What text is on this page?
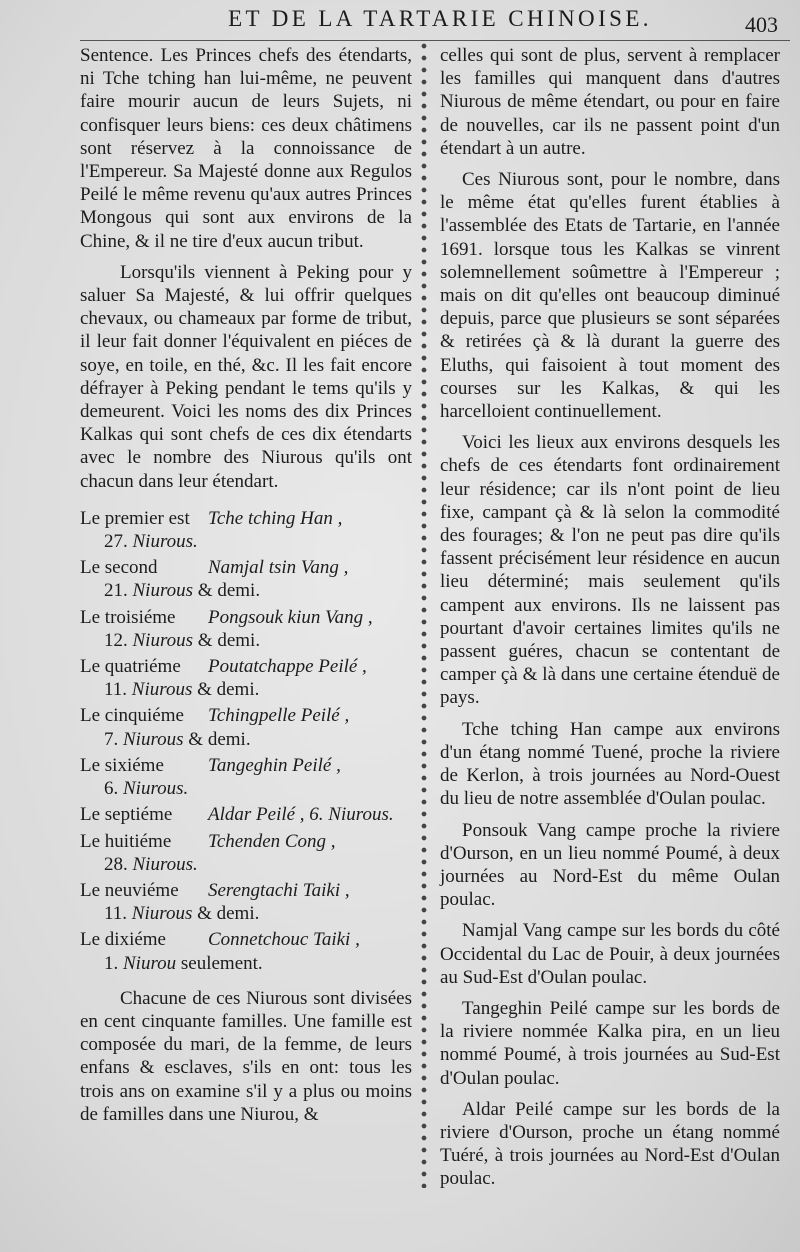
ET DE LA TARTARIE CHINOISE.	403

Sentence. Les Princes chefs des étendarts, ni Tche tching han lui-même, ne peuvent faire mourir aucun de leurs Sujets, ni confisquer leurs biens: ces deux châtimens sont réservez à la connoissance de l'Empereur. Sa Majesté donne aux Regulos Peilé le même revenu qu'aux autres Princes Mongous qui sont aux environs de la Chine, & il ne tire d'eux aucun tribut.

Lorsqu'ils viennent à Peking pour y saluer Sa Majesté, & lui offrir quelques chevaux, ou chameaux par forme de tribut, il leur fait donner l'équivalent en piéces de soye, en toile, en thé, &c. Il les fait encore défrayer à Peking pendant le tems qu'ils y demeurent. Voici les noms des dix Princes Kalkas qui sont chefs de ces dix étendarts avec le nombre des Niurous qu'ils ont chacun dans leur étendart.

Le premier est Tche tching Han ,
27. Niurous.
Le second	Namjal tsin Vang ,
21. Niurous & demi.
Le troisiéme	Pongsouk kiun Vang ,
12. Niurous & demi.
Le quatriéme	Poutatchappe Peilé ,
11. Niurous & demi.
Le cinquiéme	Tchingpelle Peilé ,
7. Niurous & demi.
Le sixiéme	Tangeghin Peilé ,
6. Niurous.
Le septiéme	Aldar Peilé , 6. Niurous.
Le huitiéme	Tchenden Cong ,
28. Niurous.
Le neuviéme	Serengtachi Taiki ,
11. Niurous & demi.
Le dixiéme	Connetchouc Taiki ,
1. Niurou seulement.

Chacune de ces Niurous sont divisées en cent cinquante familles. Une famille est composée du mari, de la femme, de leurs enfans & esclaves, s'ils en ont: tous les trois ans on examine s'il y a plus ou moins de familles dans une Niurou, &

celles qui sont de plus, servent à remplacer les familles qui manquent dans d'autres Niurous de même étendart, ou pour en faire de nouvelles, car ils ne passent point d'un étendart à un autre.

Ces Niurous sont, pour le nombre, dans le même état qu'elles furent établies à l'assemblée des Etats de Tartarie, en l'année 1691. lorsque tous les Kalkas se vinrent solemnellement soûmettre à l'Empereur ; mais on dit qu'elles ont beaucoup diminué depuis, parce que plusieurs se sont séparées & retirées çà & là durant la guerre des Eluths, qui faisoient à tout moment des courses sur les Kalkas, & qui les harcelloient continuellement.

Voici les lieux aux environs desquels les chefs de ces étendarts font ordinairement leur résidence; car ils n'ont point de lieu fixe, campant çà & là selon la commodité des fourages; & l'on ne peut pas dire qu'ils fassent précisément leur résidence en aucun lieu déterminé; mais seulement qu'ils campent aux environs. Ils ne laissent pas pourtant d'avoir certaines limites qu'ils ne passent guéres, chacun se contentant de camper çà & là dans une certaine étenduë de pays.

Tche tching Han campe aux environs d'un étang nommé Tuené, proche la riviere de Kerlon, à trois journées au Nord-Ouest du lieu de notre assemblée d'Oulan poulac.

Ponsouk Vang campe proche la riviere d'Ourson, en un lieu nommé Poumé, à deux journées au Nord-Est du même Oulan poulac.

Namjal Vang campe sur les bords du côté Occidental du Lac de Pouir, à deux journées au Sud-Est d'Oulan poulac.

Tangeghin Peilé campe sur les bords de la riviere nommée Kalka pira, en un lieu nommé Poumé, à trois journées au Sud-Est d'Oulan poulac.

Aldar Peilé campe sur les bords de la riviere d'Ourson, proche un étang nommé Tuéré, à trois journées au Nord-Est d'Oulan poulac.
